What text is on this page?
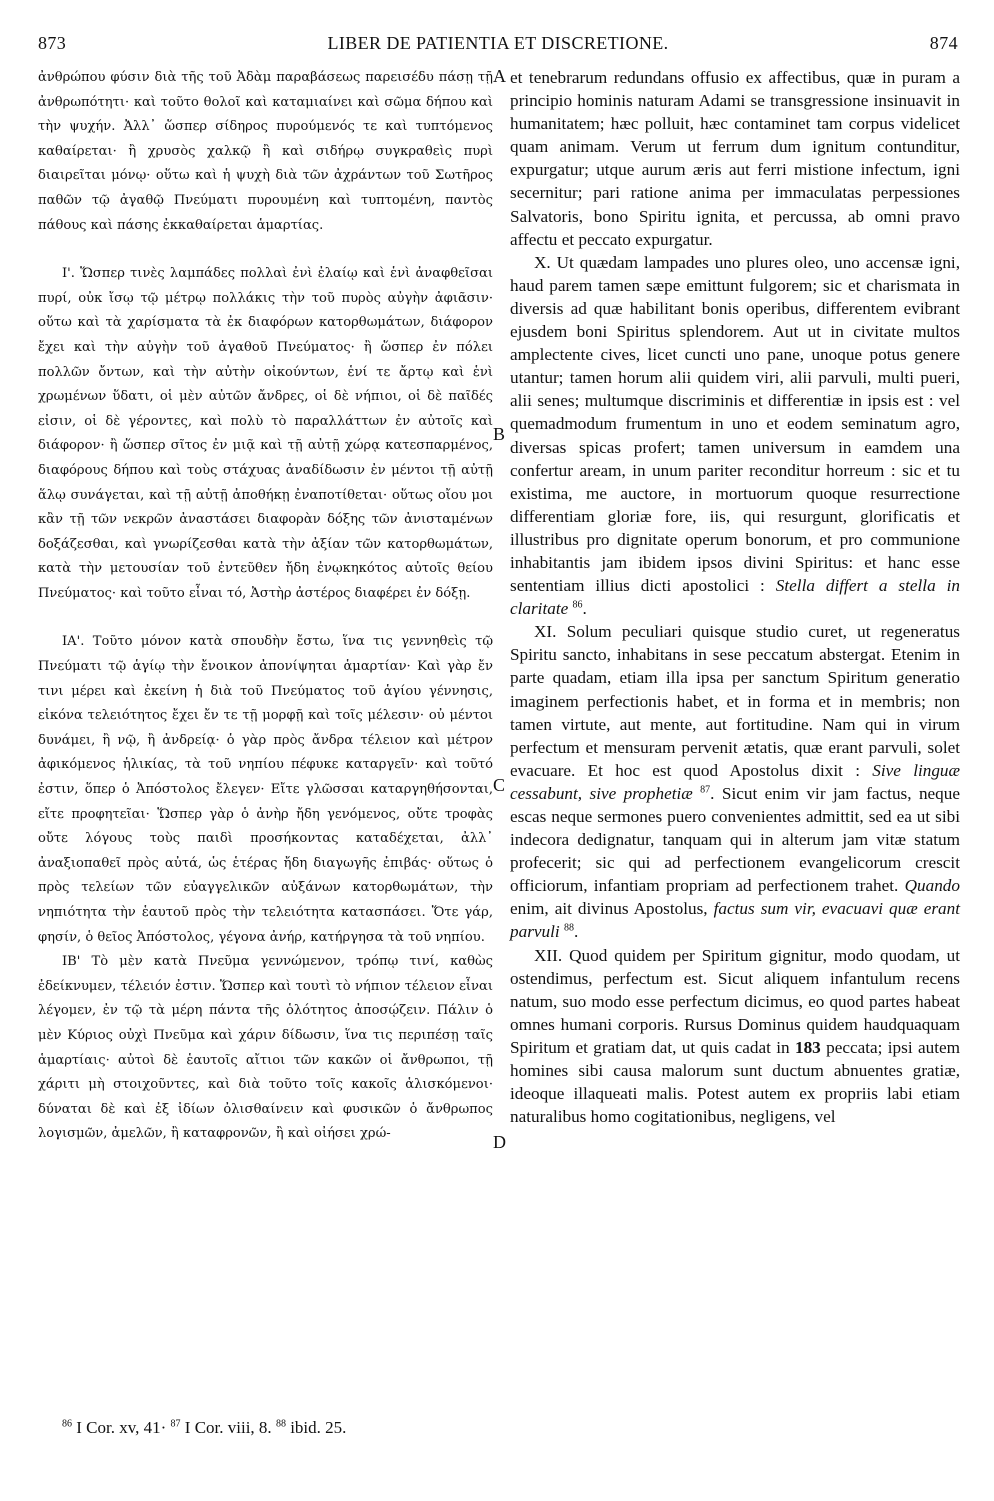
873	LIBER DE PATIENTIA ET DISCRETIONE.	874
A
B
C
D

ἀνθρώπου φύσιν διὰ τῆς τοῦ Ἀδὰμ παραβάσεως παρεισέδυ πάσῃ τῇ ἀνθρωπότητι· καὶ τοῦτο θολοῖ καὶ καταμιαίνει καὶ σῶμα δήπου καὶ τὴν ψυχήν. Ἀλλ᾽ ὥσπερ σίδηρος πυρούμενός τε καὶ τυπτόμενος καθαίρεται· ἢ χρυσὸς χαλκῷ ἢ καὶ σιδήρῳ συγκραθεὶς πυρὶ διαιρεῖται μόνῳ· οὕτω καὶ ἡ ψυχὴ διὰ τῶν ἀχράντων τοῦ Σωτῆρος παθῶν τῷ ἀγαθῷ Πνεύματι πυρουμένη καὶ τυπτομένη, παντὸς πάθους καὶ πάσης ἐκκαθαίρεται ἁμαρτίας.

Ι'. Ὥσπερ τινὲς λαμπάδες πολλαὶ ἐνὶ ἐλαίῳ καὶ ἑνὶ ἀναφθεῖσαι πυρί, οὐκ ἴσῳ τῷ μέτρῳ πολλάκις τὴν τοῦ πυρὸς αὐγὴν ἀφιᾶσιν· οὕτω καὶ τὰ χαρίσματα τὰ ἐκ διαφόρων κατορθωμάτων, διάφορον ἔχει καὶ τὴν αὐγὴν τοῦ ἀγαθοῦ Πνεύματος· ἢ ὥσπερ ἐν πόλει πολλῶν ὄντων, καὶ τὴν αὐτὴν οἰκούντων, ἑνί τε ἄρτῳ καὶ ἑνὶ χρωμένων ὕδατι, οἱ μὲν αὐτῶν ἄνδρες, οἱ δὲ νήπιοι, οἱ δὲ παῖδές εἰσιν, οἱ δὲ γέροντες, καὶ πολὺ τὸ παραλλάττων ἐν αὐτοῖς καὶ διάφορον· ἢ ὥσπερ σῖτος ἐν μιᾷ καὶ τῇ αὐτῇ χώρᾳ κατεσπαρμένος, διαφόρους δήπου καὶ τοὺς στάχυας ἀναδίδωσιν ἐν μέντοι τῇ αὐτῇ ἅλῳ συνάγεται, καὶ τῇ αὐτῇ ἀποθήκῃ ἐναποτίθεται· οὕτως οἴου μοι κἂν τῇ τῶν νεκρῶν ἀναστάσει διαφορὰν δόξης τῶν ἀνισταμένων δοξάζεσθαι, καὶ γνωρίζεσθαι κατὰ τὴν ἀξίαν τῶν κατορθωμάτων, κατὰ τὴν μετουσίαν τοῦ ἐντεῦθεν ἤδη ἐνῳκηκότος αὐτοῖς θείου Πνεύματος· καὶ τοῦτο εἶναι τό, Ἀστὴρ ἀστέρος διαφέρει ἐν δόξῃ.

ΙΑ'. Τοῦτο μόνον κατὰ σπουδὴν ἔστω, ἵνα τις γεννηθεὶς τῷ Πνεύματι τῷ ἁγίῳ τὴν ἔνοικον ἀπονίψηται ἁμαρτίαν· Καὶ γὰρ ἔν τινι μέρει καὶ ἐκείνη ἡ διὰ τοῦ Πνεύματος τοῦ ἁγίου γέννησις, εἰκόνα τελειότητος ἔχει ἔν τε τῇ μορφῇ καὶ τοῖς μέλεσιν· οὐ μέντοι δυνάμει, ἢ νῷ, ἢ ἀνδρείᾳ· ὁ γὰρ πρὸς ἄνδρα τέλειον καὶ μέτρον ἀφικόμενος ἡλικίας, τὰ τοῦ νηπίου πέφυκε καταργεῖν· καὶ τοῦτό ἐστιν, ὅπερ ὁ Ἀπόστολος ἔλεγεν· Εἴτε γλῶσσαι καταργηθήσονται, εἴτε προφητεῖαι· Ὥσπερ γὰρ ὁ ἀνὴρ ἤδη γενόμενος, οὔτε τροφὰς οὔτε λόγους τοὺς παιδὶ προσήκοντας καταδέχεται, ἀλλ᾽ ἀναξιοπαθεῖ πρὸς αὐτά, ὡς ἑτέρας ἤδη διαγωγῆς ἐπιβάς· οὕτως ὁ πρὸς τελείων τῶν εὐαγγελικῶν αὐξάνων κατορθωμάτων, τὴν νηπιότητα τὴν ἑαυτοῦ πρὸς τὴν τελειότητα κατασπάσει. Ὅτε γάρ, φησίν, ὁ θεῖος Ἀπόστολος, γέγονα ἀνήρ, κατήργησα τὰ τοῦ νηπίου.

ΙΒ' Τὸ μὲν κατὰ Πνεῦμα γεννώμενον, τρόπῳ τινί, καθὼς ἐδείκνυμεν, τέλειόν ἐστιν. Ὥσπερ καὶ τουτὶ τὸ νήπιον τέλειον εἶναι λέγομεν, ἐν τῷ τὰ μέρη πάντα τῆς ὁλότητος ἀποσῴζειν. Πάλιν ὁ μὲν Κύριος οὐχὶ Πνεῦμα καὶ χάριν δίδωσιν, ἵνα τις περιπέσῃ ταῖς ἁμαρτίαις· αὐτοὶ δὲ ἑαυτοῖς αἴτιοι τῶν κακῶν οἱ ἄνθρωποι, τῇ χάριτι μὴ στοιχοῦντες, καὶ διὰ τοῦτο τοῖς κακοῖς ἁλισκόμενοι· δύναται δὲ καὶ ἐξ ἰδίων ὀλισθαίνειν καὶ φυσικῶν ὁ ἄνθρωπος λογισμῶν, ἀμελῶν, ἢ καταφρονῶν, ἢ καὶ οἰήσει χρώ-

et tenebrarum redundans offusio ex affectibus, quæ in puram a principio hominis naturam Adami se transgressione insinuavit in humanitatem; hæc polluit, hæc contaminet tam corpus videlicet quam animam. Verum ut ferrum dum ignitum contunditur, expurgatur; utque aurum æris aut ferri mistione infectum, igni secernitur; pari ratione anima per immaculatas perpessiones Salvatoris, bono Spiritu ignita, et percussa, ab omni pravo affectu et peccato expurgatur.

X. Ut quædam lampades uno plures oleo, uno accensæ igni, haud parem tamen sæpe emittunt fulgorem; sic et charismata in diversis ad quæ habilitant bonis operibus, differentem evibrant ejusdem boni Spiritus splendorem. Aut ut in civitate multos amplectente cives, licet cuncti uno pane, unoque potus genere utantur; tamen horum alii quidem viri, alii parvuli, multi pueri, alii senes; multumque discriminis et differentiæ in ipsis est : vel quemadmodum frumentum in uno et eodem seminatum agro, diversas spicas profert; tamen universum in eamdem una confertur aream, in unum pariter reconditur horreum : sic et tu existima, me auctore, in mortuorum quoque resurrectione differentiam gloriæ fore, iis, qui resurgunt, glorificatis et illustribus pro dignitate operum bonorum, et pro communione inhabitantis jam ibidem ipsos divini Spiritus: et hanc esse sententiam illius dicti apostolici : Stella differt a stella in claritate $^{86}$.

XI. Solum peculiari quisque studio curet, ut regeneratus Spiritu sancto, inhabitans in sese peccatum abstergat. Etenim in parte quadam, etiam illa ipsa per sanctum Spiritum generatio imaginem perfectionis habet, et in forma et in membris; non tamen virtute, aut mente, aut fortitudine. Nam qui in virum perfectum et mensuram pervenit ætatis, quæ erant parvuli, solet evacuare. Et hoc est quod Apostolus dixit : Sive linguæ cessabunt, sive prophetiæ $^{87}$. Sicut enim vir jam factus, neque escas neque sermones puero convenientes admittit, sed ea ut sibi indecora dedignatur, tanquam qui in alterum jam vitæ statum profecerit; sic qui ad perfectionem evangelicorum crescit officiorum, infantiam propriam ad perfectionem trahet. Quando enim, ait divinus Apostolus, factus sum vir, evacuavi quæ erant parvuli $^{88}$.

XII. Quod quidem per Spiritum gignitur, modo quodam, ut ostendimus, perfectum est. Sicut aliquem infantulum recens natum, suo modo esse perfectum dicimus, eo quod partes habeat omnes humani corporis. Rursus Dominus quidem haudquaquam Spiritum et gratiam dat, ut quis cadat in 183 peccata; ipsi autem homines sibi causa malorum sunt ductum abnuentes gratiæ, ideoque illaqueati malis. Potest autem ex propriis labi etiam naturalibus homo cogitationibus, negligens, vel

$^{86}$ I Cor. xv, 41· $^{87}$ I Cor. viii, 8. $^{88}$ ibid. 25.
